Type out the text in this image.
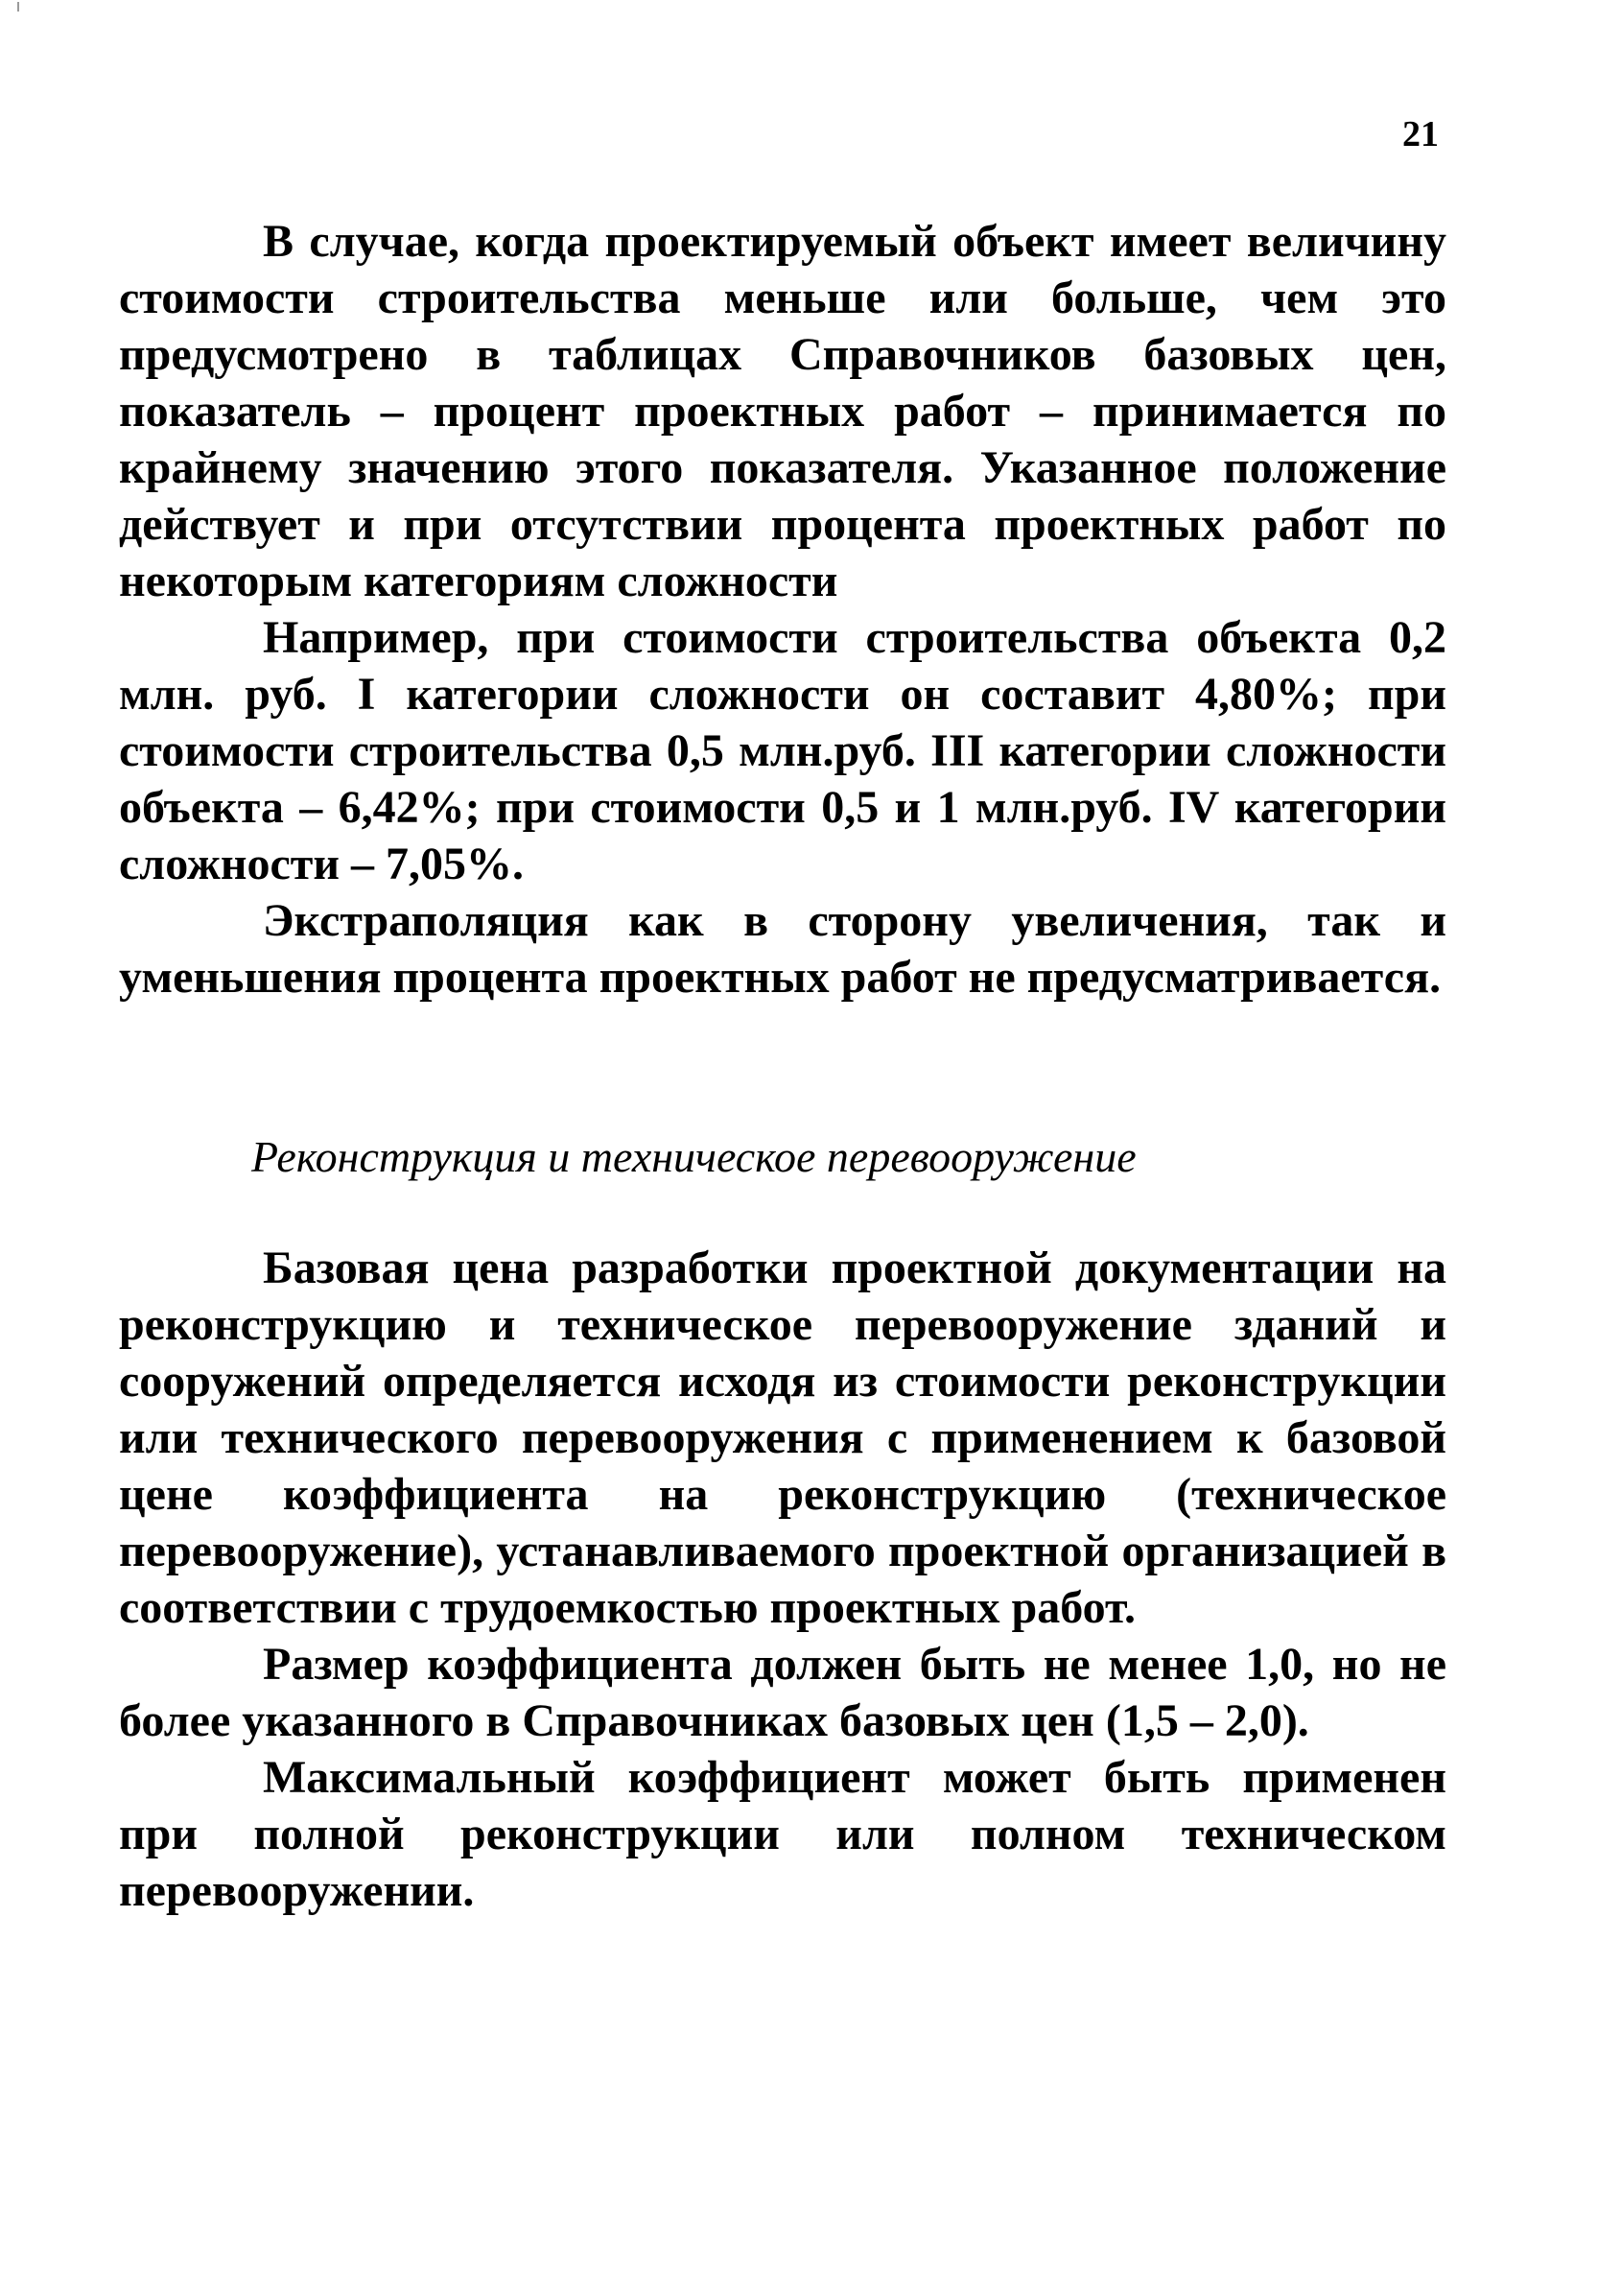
21

В случае, когда проектируемый объект имеет величину стоимости строительства меньше или больше, чем это предусмотрено в таблицах Справочников базовых цен, показатель – процент проектных работ – принимается по крайнему значению этого показателя. Указанное положение действует и при отсутствии процента проектных работ по некоторым категориям сложности

Например, при стоимости строительства объекта 0,2 млн. руб. I категории сложности он составит 4,80%; при стоимости строительства 0,5 млн.руб. III категории сложности объекта – 6,42%; при стоимости 0,5 и 1 млн.руб. IV категории сложности – 7,05%.

Экстраполяция как в сторону увеличения, так и уменьшения процента проектных работ не предусматривается.

Реконструкция и техническое перевооружение

Базовая цена разработки проектной документации на реконструкцию и техническое перевооружение зданий и сооружений определяется исходя из стоимости реконструкции или технического перевооружения с применением к базовой цене коэффициента на реконструкцию (техническое перевооружение), устанавливаемого проектной организацией в соответствии с трудоемкостью проектных работ.

Размер коэффициента должен быть не менее 1,0, но не более указанного в Справочниках базовых цен (1,5 – 2,0).

Максимальный коэффициент может быть применен при полной реконструкции или полном техническом перевооружении.
